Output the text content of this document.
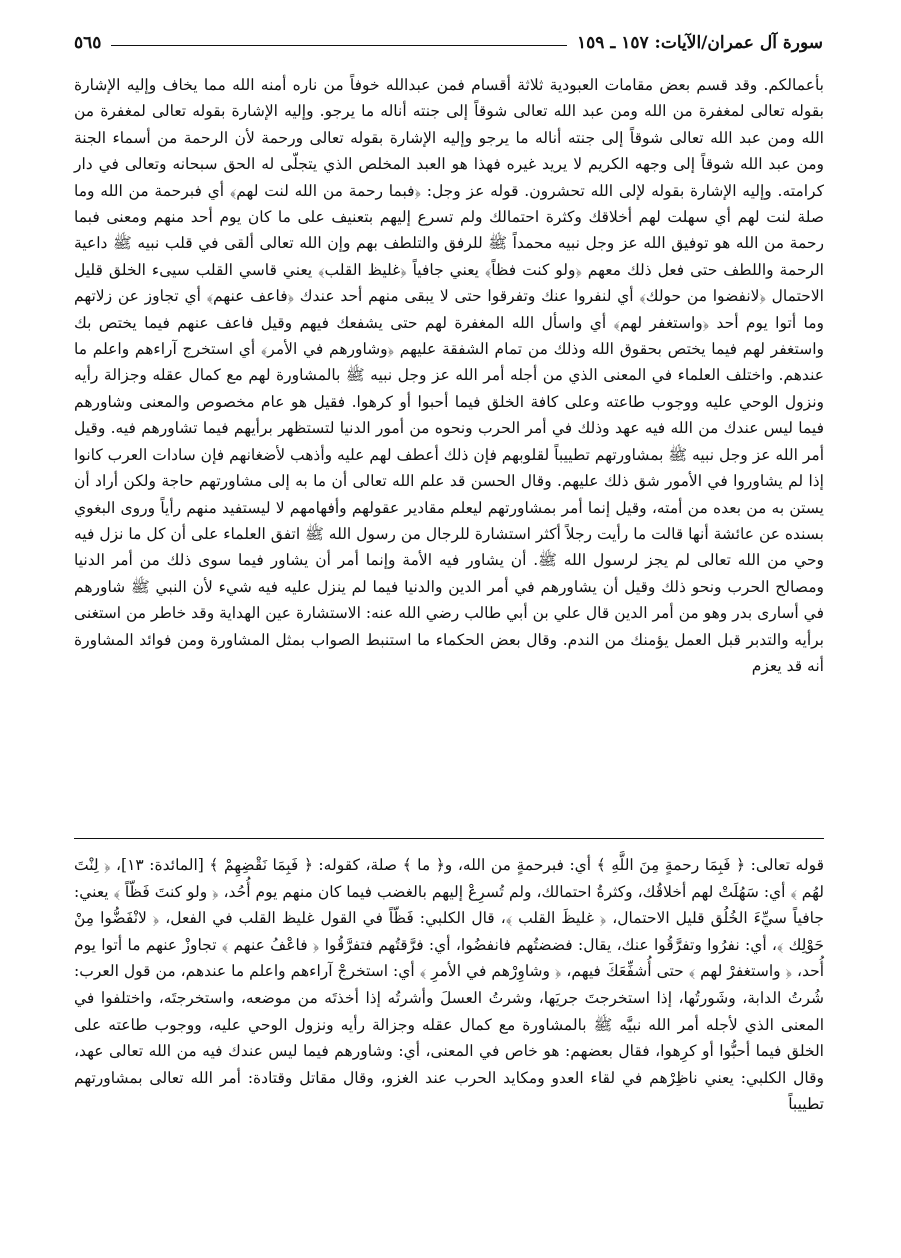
سورة آل عمران/الآيات: ١٥٧ ـ ١٥٩
٥٦٥

بأعمالكم. وقد قسم بعض مقامات العبودية ثلاثة أقسام فمن عبدالله خوفاً من ناره أمنه الله مما يخاف وإليه الإشارة بقوله تعالى لمغفرة من الله ومن عبد الله تعالى شوقاً إلى جنته أناله ما يرجو. وإليه الإشارة بقوله تعالى لمغفرة من الله ومن عبد الله تعالى شوقاً إلى جنته أناله ما يرجو وإليه الإشارة بقوله تعالى ورحمة لأن الرحمة من أسماء الجنة ومن عبد الله شوقاً إلى وجهه الكريم لا يريد غيره فهذا هو العبد المخلص الذي يتجلّى له الحق سبحانه وتعالى في دار كرامته. وإليه الإشارة بقوله لإلى الله تحشرون. قوله عز وجل: ﴿فبما رحمة من الله لنت لهم﴾ أي فبرحمة من الله وما صلة لنت لهم أي سهلت لهم أخلاقك وكثرة احتمالك ولم تسرع إليهم بتعنيف على ما كان يوم أحد منهم ومعنى فبما رحمة من الله هو توفيق الله عز وجل نبيه محمداً ﷺ للرفق والتلطف بهم وإن الله تعالى ألقى في قلب نبيه ﷺ داعية الرحمة واللطف حتى فعل ذلك معهم ﴿ولو كنت فظاً﴾ يعني جافياً ﴿غليظ القلب﴾ يعني قاسي القلب سيىء الخلق قليل الاحتمال ﴿لانفضوا من حولك﴾ أي لنفروا عنك وتفرقوا حتى لا يبقى منهم أحد عندك ﴿فاعف عنهم﴾ أي تجاوز عن زلاتهم وما أتوا يوم أحد ﴿واستغفر لهم﴾ أي واسأل الله المغفرة لهم حتى يشفعك فيهم وقيل فاعف عنهم فيما يختص بك واستغفر لهم فيما يختص بحقوق الله وذلك من تمام الشفقة عليهم ﴿وشاورهم في الأمر﴾ أي استخرج آراءهم واعلم ما عندهم. واختلف العلماء في المعنى الذي من أجله أمر الله عز وجل نبيه ﷺ بالمشاورة لهم مع كمال عقله وجزالة رأيه ونزول الوحي عليه ووجوب طاعته وعلى كافة الخلق فيما أحبوا أو كرهوا. فقيل هو عام مخصوص والمعنى وشاورهم فيما ليس عندك من الله فيه عهد وذلك في أمر الحرب ونحوه من أمور الدنيا لتستظهر برأيهم فيما تشاورهم فيه. وقيل أمر الله عز وجل نبيه ﷺ بمشاورتهم تطييباً لقلوبهم فإن ذلك أعطف لهم عليه وأذهب لأضغانهم فإن سادات العرب كانوا إذا لم يشاوروا في الأمور شق ذلك عليهم. وقال الحسن قد علم الله تعالى أن ما به إلى مشاورتهم حاجة ولكن أراد أن يستن به من بعده من أمته، وقيل إنما أمر بمشاورتهم ليعلم مقادير عقولهم وأفهامهم لا ليستفيد منهم رأياً وروى البغوي بسنده عن عائشة أنها قالت ما رأيت رجلاً أكثر استشارة للرجال من رسول الله ﷺ اتفق العلماء على أن كل ما نزل فيه وحي من الله تعالى لم يجز لرسول الله ﷺ. أن يشاور فيه الأمة وإنما أمر أن يشاور فيما سوى ذلك من أمر الدنيا ومصالح الحرب ونحو ذلك وقيل أن يشاورهم في أمر الدين والدنيا فيما لم ينزل عليه فيه شيء لأن النبي ﷺ شاورهم في أسارى بدر وهو من أمر الدين قال علي بن أبي طالب رضي الله عنه: الاستشارة عين الهداية وقد خاطر من استغنى برأيه والتدبر قبل العمل يؤمنك من الندم. وقال بعض الحكماء ما استنبط الصواب بمثل المشاورة ومن فوائد المشاورة أنه قد يعزم

قوله تعالى: ﴿ فَبِمَا رحمةٍ مِنَ اللَّهِ ﴾ أي: فبرحمةٍ من الله، و﴿ ما ﴾ صلة، كقوله: ﴿ فَبِمَا نَقْضِهِمْ ﴾ [المائدة: ١٣]، ﴿ لِنْتَ لهُم ﴾ أي: سَهُلَتْ لهم أخلاقُك، وكثرةُ احتمالك، ولم تُسرِعْ إليهم بالغضب فيما كان منهم يوم أُحُد، ﴿ ولو كنتَ فَظّاً ﴾ يعني: جافياً سيِّءَ الخُلُق قليل الاحتمال، ﴿ غليظَ القلب ﴾، قال الكلبي: فَظّاً في القول غليظ القلب في الفعل، ﴿ لانْفَضُّوا مِنْ حَوْلِك ﴾، أي: نفرُوا وتفرَّقُوا عنك، يقال: فضضتُهم فانفضُوا، أي: فرَّقتُهم فتفرَّقُوا ﴿ فاعْفُ عنهم ﴾ تجاوزْ عنهم ما أتوا يوم أُحد، ﴿ واستغفرْ لهم ﴾ حتى أُشفِّعَكَ فيهم، ﴿ وشاوِرْهم في الأمرِ ﴾ أي: استخرجْ آراءهم واعلم ما عندهم، من قول العرب: شُرتُ الدابة، وشَورتُها، إذا استخرجتَ جريَها، وشرتُ العسلَ وأشرتُه إذا أخذتَه من موضعه، واستخرجتَه، واختلفوا في المعنى الذي لأجله أمر الله نبيَّه ﷺ بالمشاورة مع كمال عقله وجزالة رأيه ونزول الوحي عليه، ووجوب طاعته على الخلق فيما أحبُّوا أو كرِهوا، فقال بعضهم: هو خاص في المعنى، أي: وشاورهم فيما ليس عندك فيه من الله تعالى عهد، وقال الكلبي: يعني ناظِرْهم في لقاء العدو ومكايد الحرب عند الغزو، وقال مقاتل وقتادة: أمر الله تعالى بمشاورتهم تطييباً
